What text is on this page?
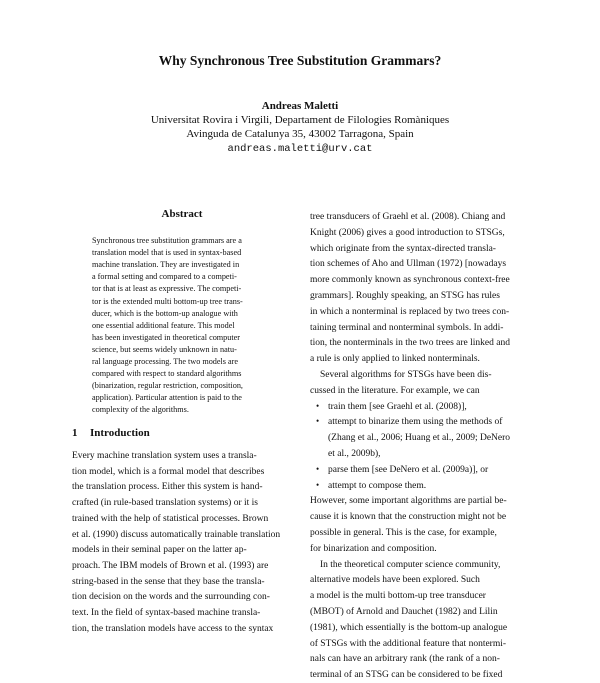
Why Synchronous Tree Substitution Grammars?
Andreas Maletti
Universitat Rovira i Virgili, Departament de Filologies Romàniques
Avinguda de Catalunya 35, 43002 Tarragona, Spain
andreas.maletti@urv.cat
Abstract
Synchronous tree substitution grammars are a
translation model that is used in syntax-based
machine translation. They are investigated in
a formal setting and compared to a competi-
tor that is at least as expressive. The competi-
tor is the extended multi bottom-up tree trans-
ducer, which is the bottom-up analogue with
one essential additional feature. This model
has been investigated in theoretical computer
science, but seems widely unknown in natu-
ral language processing. The two models are
compared with respect to standard algorithms
(binarization, regular restriction, composition,
application). Particular attention is paid to the
complexity of the algorithms.
1 Introduction
Every machine translation system uses a transla-
tion model, which is a formal model that describes
the translation process. Either this system is hand-
crafted (in rule-based translation systems) or it is
trained with the help of statistical processes. Brown
et al. (1990) discuss automatically trainable translation
models in their seminal paper on the latter ap-
proach. The IBM models of Brown et al. (1993) are
string-based in the sense that they base the transla-
tion decision on the words and the surrounding con-
text. In the field of syntax-based machine transla-
tion, the translation models have access to the syntax
tree transducers of Graehl et al. (2008). Chiang and
Knight (2006) gives a good introduction to STSGs,
which originate from the syntax-directed transla-
tion schemes of Aho and Ullman (1972) [nowadays
more commonly known as synchronous context-free
grammars]. Roughly speaking, an STSG has rules
in which a nonterminal is replaced by two trees con-
taining terminal and nonterminal symbols. In addi-
tion, the nonterminals in the two trees are linked and
a rule is only applied to linked nonterminals.
Several algorithms for STSGs have been dis-
cussed in the literature. For example, we can
• train them [see Graehl et al. (2008)],
• attempt to binarize them using the methods of
(Zhang et al., 2006; Huang et al., 2009; DeNero
et al., 2009b),
• parse them [see DeNero et al. (2009a)], or
• attempt to compose them.
However, some important algorithms are partial be-
cause it is known that the construction might not be
possible in general. This is the case, for example,
for binarization and composition.
In the theoretical computer science community,
alternative models have been explored. Such
a model is the multi bottom-up tree transducer
(MBOT) of Arnold and Dauchet (1982) and Lilin
(1981), which essentially is the bottom-up analogue
of STSGs with the additional feature that nontermi-
nals can have an arbitrary rank (the rank of a non-
terminal of an STSG can be considered to be fixed
